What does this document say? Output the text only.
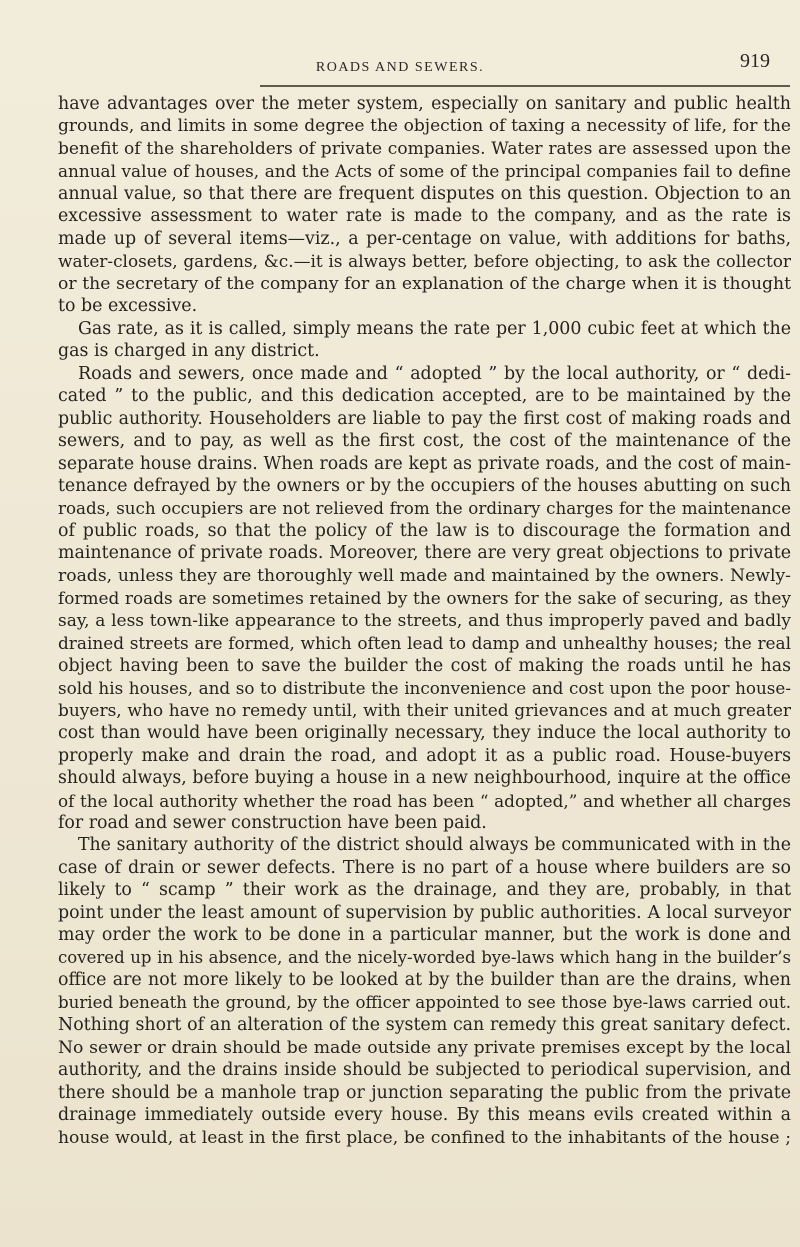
919
ROADS AND SEWERS.
have advantages over the meter system, especially on sanitary and public health
grounds, and limits in some degree the objection of taxing a necessity of life, for the
benefit of the shareholders of private companies. Water rates are assessed upon the
annual value of houses, and the Acts of some of the principal companies fail to define
annual value, so that there are frequent disputes on this question. Objection to an
excessive assessment to water rate is made to the company, and as the rate is
made up of several items—viz., a per-centage on value, with additions for baths,
water-closets, gardens, &c.—it is always better, before objecting, to ask the collector
or the secretary of the company for an explanation of the charge when it is thought
to be excessive.
Gas rate, as it is called, simply means the rate per 1,000 cubic feet at which the
gas is charged in any district.
Roads and sewers, once made and “ adopted ” by the local authority, or “ dedi-
cated ” to the public, and this dedication accepted, are to be maintained by the
public authority. Householders are liable to pay the first cost of making roads and
sewers, and to pay, as well as the first cost, the cost of the maintenance of the
separate house drains. When roads are kept as private roads, and the cost of main-
tenance defrayed by the owners or by the occupiers of the houses abutting on such
roads, such occupiers are not relieved from the ordinary charges for the maintenance
of public roads, so that the policy of the law is to discourage the formation and
maintenance of private roads. Moreover, there are very great objections to private
roads, unless they are thoroughly well made and maintained by the owners. Newly-
formed roads are sometimes retained by the owners for the sake of securing, as they
say, a less town-like appearance to the streets, and thus improperly paved and badly
drained streets are formed, which often lead to damp and unhealthy houses; the real
object having been to save the builder the cost of making the roads until he has
sold his houses, and so to distribute the inconvenience and cost upon the poor house-
buyers, who have no remedy until, with their united grievances and at much greater
cost than would have been originally necessary, they induce the local authority to
properly make and drain the road, and adopt it as a public road. House-buyers
should always, before buying a house in a new neighbourhood, inquire at the office
of the local authority whether the road has been “ adopted,” and whether all charges
for road and sewer construction have been paid.
The sanitary authority of the district should always be communicated with in the
case of drain or sewer defects. There is no part of a house where builders are so
likely to “ scamp ” their work as the drainage, and they are, probably, in that
point under the least amount of supervision by public authorities. A local surveyor
may order the work to be done in a particular manner, but the work is done and
covered up in his absence, and the nicely-worded bye-laws which hang in the builder’s
office are not more likely to be looked at by the builder than are the drains, when
buried beneath the ground, by the officer appointed to see those bye-laws carried out.
Nothing short of an alteration of the system can remedy this great sanitary defect.
No sewer or drain should be made outside any private premises except by the local
authority, and the drains inside should be subjected to periodical supervision, and
there should be a manhole trap or junction separating the public from the private
drainage immediately outside every house. By this means evils created within a
house would, at least in the first place, be confined to the inhabitants of the house ;
